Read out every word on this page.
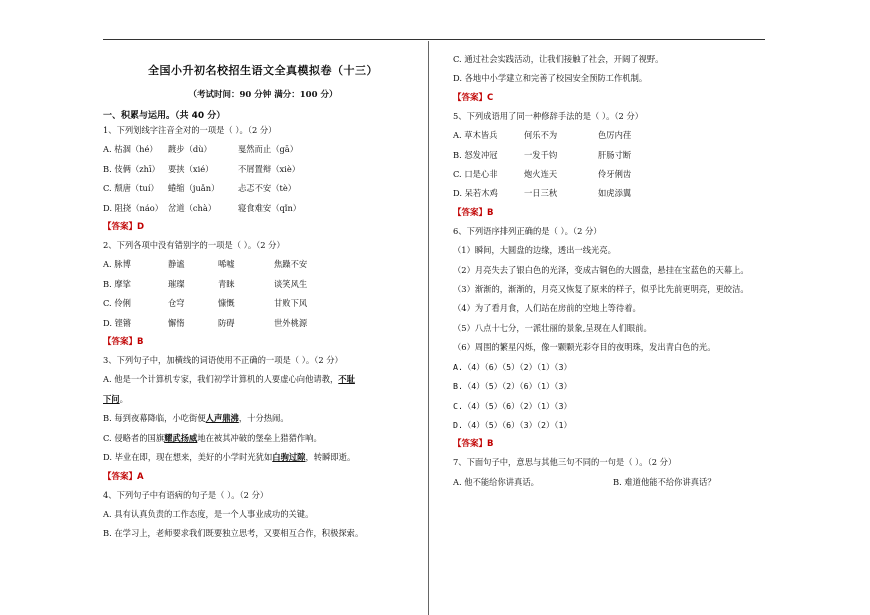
全国小升初名校招生语文全真模拟卷（十三）
（考试时间：90 分钟 满分：100 分）
一、积累与运用。（共 40 分）
1、下列划线字注音全对的一项是（ ）。（2 分）
A. 枯涸（hé）	踱步（dù）	戛然而止（gā）
B. 伎俩（zhī） 要挟（xié）	不屑置辩（xiè）
C. 颓唐（tuí）	蜷缩（juǎn）	忐忑不安（tè）
D. 阻挠（náo） 岔道（chà）	寝食难安（qǐn）
【答案】D
2、下列各项中没有错别字的一项是（ ）。（2 分）
A. 脉博	静谧	唏嘘	焦躁不安
B. 摩挲	璀璨	青睐	谈笑风生
C. 伶俐	仓穹	慷慨	甘败下风
D. 铿锵	懈惰	防碍	世外桃源
【答案】B
3、下列句子中，加横线的词语使用不正确的一项是（ ）。（2 分）
A. 他是一个计算机专家，我们初学计算机的人要虚心向他请教，不耻
下问。
B. 每到夜幕降临，小吃街便人声鼎沸，十分热闹。
C. 侵略者的国旗耀武扬威地在被其冲破的堡垒上猎猎作响。
D. 毕业在即，现在想来，美好的小学时光犹如白驹过隙，转瞬即逝。
【答案】A
4、下列句子中有语病的句子是（ ）。（2 分）
A. 具有认真负责的工作态度，是一个人事业成功的关键。
B. 在学习上，老师要求我们既要独立思考，又要相互合作，积极探索。
C. 通过社会实践活动，让我们接触了社会，开阔了视野。
D. 各地中小学建立和完善了校园安全预防工作机制。
【答案】C
5、下列成语用了同一种修辞手法的是（ ）。（2 分）
A. 草木皆兵	何乐不为	色厉内荏
B. 怒发冲冠	一发千钧	肝肠寸断
C. 口是心非	炮火连天	伶牙俐齿
D. 呆若木鸡	一日三秋	如虎添翼
【答案】B
6、下列语序排列正确的是（ ）。（2 分）
（1）瞬间，大圆盘的边缘，透出一线光亮。
（2）月亮失去了银白色的光泽，变成古铜色的大圆盘，悬挂在宝蓝色的天幕上。
（3）渐渐的，渐渐的，月亮又恢复了原来的样子，似乎比先前更明亮，更皎洁。
（4）为了看月食，人们站在房前的空地上等待着。
（5）八点十七分，一派壮丽的景象,呈现在人们眼前。
（6）周围的繁星闪烁，像一颗颗光彩夺目的夜明珠，发出青白色的光。
A.（4）（6）（5）（2）（1）（3）
B.（4）（5）（2）（6）（1）（3）
C.（4）（5）（6）（2）（1）（3）
D.（4）（5）（6）（3）（2）（1）
【答案】B
7、下面句子中，意思与其他三句不同的一句是（ ）。（2 分）
A. 他不能给你讲真话。	B. 难道他能不给你讲真话？
